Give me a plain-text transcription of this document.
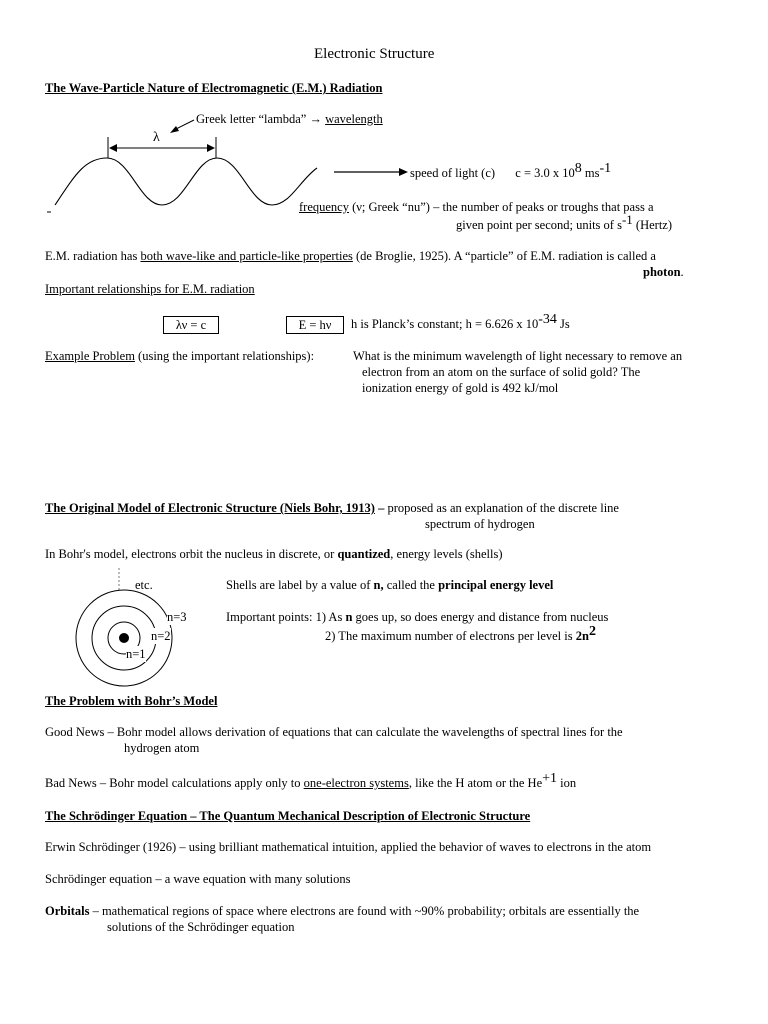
Electronic Structure
The Wave-Particle Nature of Electromagnetic (E.M.) Radiation
Greek letter “lambda” → wavelength
λ
speed of light (c) c = 3.0 x $10^8$ $ms^{-1}$
frequency (ν; Greek “nu”) – the number of peaks or troughs that pass a
given point per second; units of $s^{-1}$ (Hertz)
E.M. radiation has both wave-like and particle-like properties (de Broglie, 1925). A “particle” of E.M. radiation is called a
photon.
Important relationships for E.M. radiation
λν = c	E = hν	h is Planck’s constant; h = 6.626 x $10^{-34}$ Js
Example Problem (using the important relationships):	What is the minimum wavelength of light necessary to remove an
electron from an atom on the surface of solid gold? The
ionization energy of gold is 492 kJ/mol
The Original Model of Electronic Structure (Niels Bohr, 1913) – proposed as an explanation of the discrete line
spectrum of hydrogen
In Bohr's model, electrons orbit the nucleus in discrete, or quantized, energy levels (shells)
etc.
n=3
n=2
n=1
Shells are label by a value of n, called the principal energy level
Important points: 1) As n goes up, so does energy and distance from nucleus
2) The maximum number of electrons per level is $2n^2$
The Problem with Bohr’s Model
Good News – Bohr model allows derivation of equations that can calculate the wavelengths of spectral lines for the
hydrogen atom
Bad News – Bohr model calculations apply only to one-electron systems, like the H atom or the $He^{+1}$ ion
The Schrödinger Equation – The Quantum Mechanical Description of Electronic Structure
Erwin Schrödinger (1926) – using brilliant mathematical intuition, applied the behavior of waves to electrons in the atom
Schrödinger equation – a wave equation with many solutions
Orbitals – mathematical regions of space where electrons are found with ~90% probability; orbitals are essentially the
solutions of the Schrödinger equation
